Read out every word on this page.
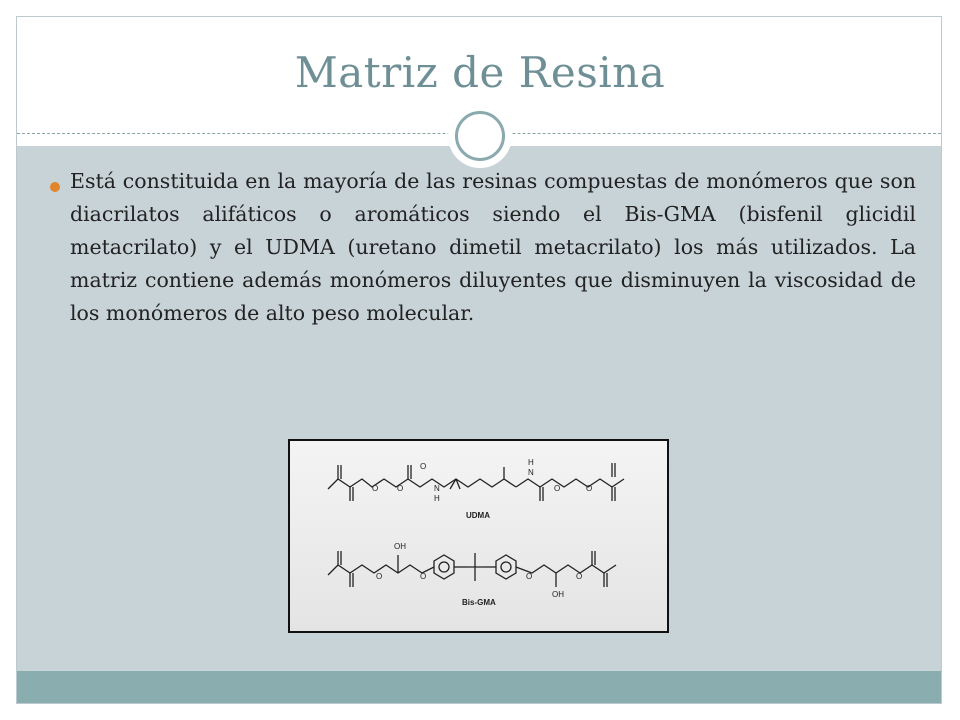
Matriz de Resina
Está constituida en la mayoría de las resinas compuestas de monómeros que son diacrilatos alifáticos o aromáticos siendo el Bis-GMA (bisfenil glicidil metacrilato) y el UDMA (uretano dimetil metacrilato) los más utilizados. La matriz contiene además monómeros diluyentes que disminuyen la viscosidad de los monómeros de alto peso molecular.
O O
O
N
H
H
N
O	O
UDMA
O
OH
O	O
OH
O
Bis-GMA
